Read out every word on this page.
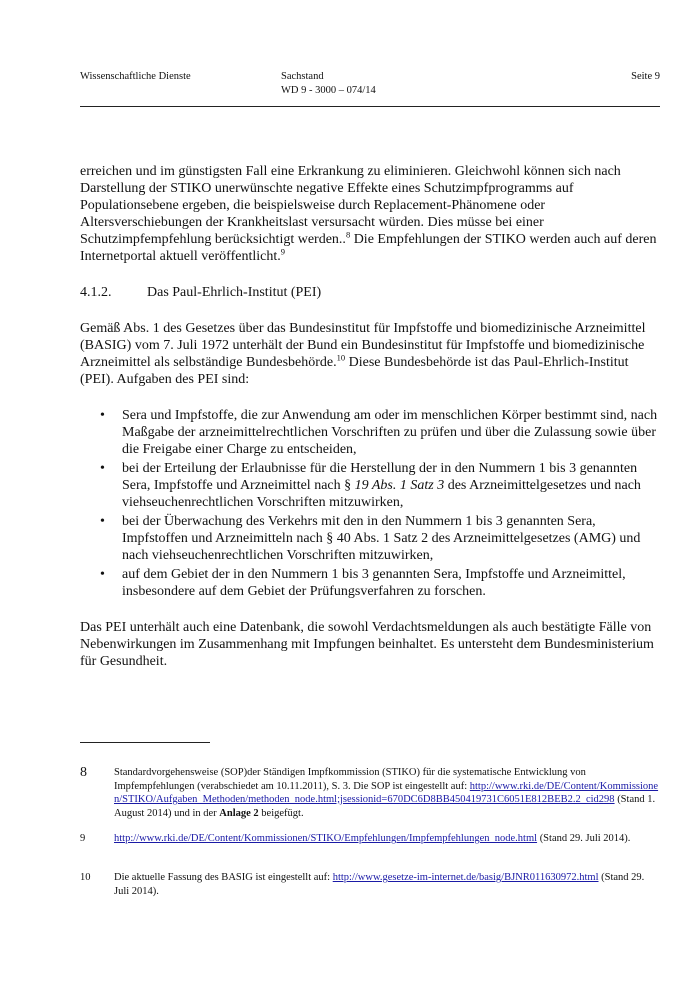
Wissenschaftliche Dienste	Sachstand
WD 9 - 3000 – 074/14
Seite 9

erreichen und im günstigsten Fall eine Erkrankung zu eliminieren. Gleichwohl können sich nach Darstellung der STIKO unerwünschte negative Effekte eines Schutzimpfprogramms auf Populationsebene ergeben, die beispielsweise durch Replacement-Phänomene oder Altersverschiebungen der Krankheitslast versursacht würden. Dies müsse bei einer Schutzimpfempfehlung berücksichtigt werden..$^8$ Die Empfehlungen der STIKO werden auch auf deren Internetportal aktuell veröffentlicht.$^9$

4.1.2.	Das Paul-Ehrlich-Institut (PEI)

Gemäß Abs. 1 des Gesetzes über das Bundesinstitut für Impfstoffe und biomedizinische Arzneimittel (BASIG) vom 7. Juli 1972 unterhält der Bund ein Bundesinstitut für Impfstoffe und biomedizinische Arzneimittel als selbständige Bundesbehörde.$^{10}$ Diese Bundesbehörde ist das Paul-Ehrlich-Institut (PEI). Aufgaben des PEI sind:

• Sera und Impfstoffe, die zur Anwendung am oder im menschlichen Körper bestimmt sind, nach Maßgabe der arzneimittelrechtlichen Vorschriften zu prüfen und über die Zulassung sowie über die Freigabe einer Charge zu entscheiden,
• bei der Erteilung der Erlaubnisse für die Herstellung der in den Nummern 1 bis 3 genannten Sera, Impfstoffe und Arzneimittel nach § 19 Abs. 1 Satz 3 des Arzneimittelgesetzes und nach viehseuchenrechtlichen Vorschriften mitzuwirken,
• bei der Überwachung des Verkehrs mit den in den Nummern 1 bis 3 genannten Sera, Impfstoffen und Arzneimitteln nach § 40 Abs. 1 Satz 2 des Arzneimittelgesetzes (AMG) und nach viehseuchenrechtlichen Vorschriften mitzuwirken,
• auf dem Gebiet der in den Nummern 1 bis 3 genannten Sera, Impfstoffe und Arzneimittel, insbesondere auf dem Gebiet der Prüfungsverfahren zu forschen.

Das PEI unterhält auch eine Datenbank, die sowohl Verdachtsmeldungen als auch bestätigte Fälle von Nebenwirkungen im Zusammenhang mit Impfungen beinhaltet. Es untersteht dem Bundesministerium für Gesundheit.

8	Standardvorgehensweise (SOP)der Ständigen Impfkommission (STIKO) für die systematische Entwicklung von Impfempfehlungen (verabschiedet am 10.11.2011), S. 3. Die SOP ist eingestellt auf: http://www.rki.de/DE/Content/Kommissionen/STIKO/Aufgaben_Methoden/methoden_node.html;jsessionid=670DC6D8BB450419731C6051E812BEB2.2_cid298 (Stand 1. August 2014) und in der Anlage 2 beigefügt.
9	http://www.rki.de/DE/Content/Kommissionen/STIKO/Empfehlungen/Impfempfehlungen_node.html (Stand 29. Juli 2014).
10	Die aktuelle Fassung des BASIG ist eingestellt auf: http://www.gesetze-im-internet.de/basig/BJNR011630972.html (Stand 29. Juli 2014).
